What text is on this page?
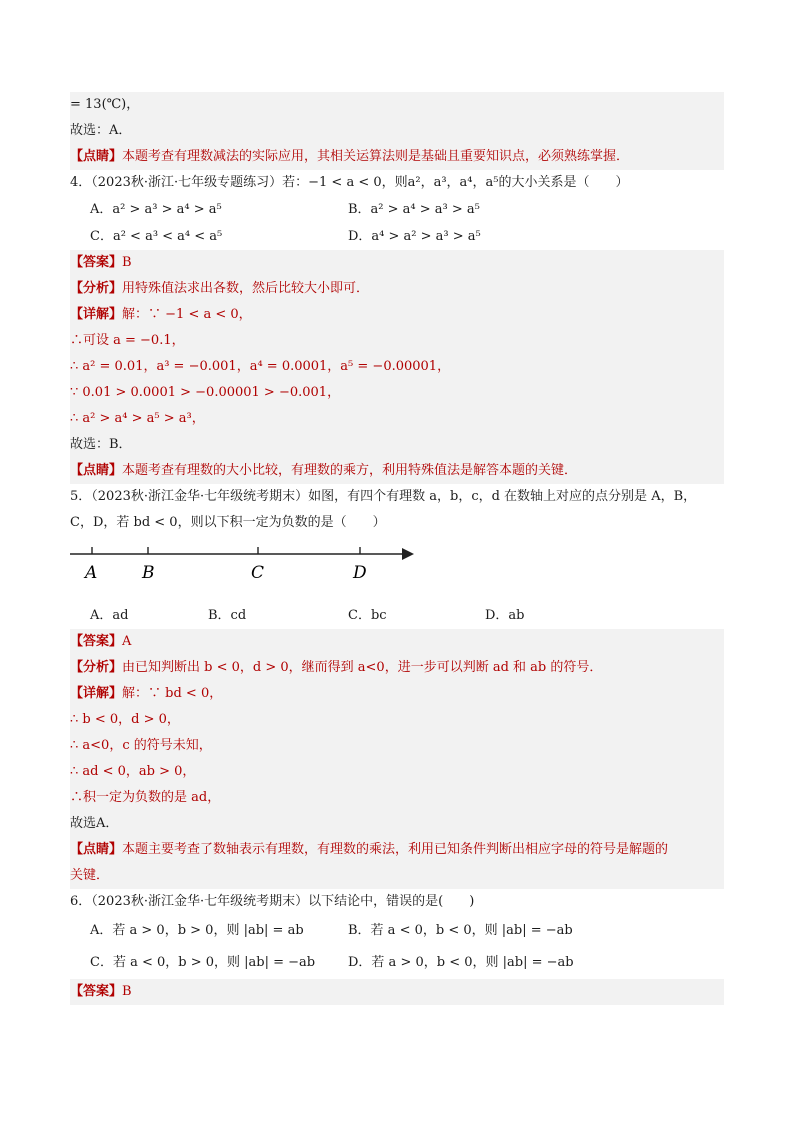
= 13(℃)，
故选：A．
【点睛】本题考查有理数减法的实际应用，其相关运算法则是基础且重要知识点，必须熟练掌握．
4．（2023秋·浙江·七年级专题练习）若：−1 < a < 0，则a²，a³，a⁴，a⁵的大小关系是（　　）
A．a² > a³ > a⁴ > a⁵	B．a² > a⁴ > a³ > a⁵
C．a² < a³ < a⁴ < a⁵	D．a⁴ > a² > a³ > a⁵
【答案】B
【分析】用特殊值法求出各数，然后比较大小即可．
【详解】解：∵ −1 < a < 0，
∴可设 a = −0.1，
∴ a² = 0.01，a³ = −0.001，a⁴ = 0.0001，a⁵ = −0.00001，
∵ 0.01 > 0.0001 > −0.00001 > −0.001，
∴ a² > a⁴ > a⁵ > a³，
故选：B．
【点睛】本题考查有理数的大小比较，有理数的乘方，利用特殊值法是解答本题的关键．
5．（2023秋·浙江金华·七年级统考期末）如图，有四个有理数 a，b，c，d 在数轴上对应的点分别是 A，B，
C，D，若 bd < 0，则以下积一定为负数的是（　　）
A	B	C	D
A．ad	B．cd	C．bc	D．ab
【答案】A
【分析】由已知判断出 b < 0，d > 0，继而得到 a<0，进一步可以判断 ad 和 ab 的符号．
【详解】解：∵ bd < 0，
∴ b < 0，d > 0，
∴ a<0，c 的符号未知，
∴ ad < 0，ab > 0，
∴积一定为负数的是 ad，
故选A．
【点睛】本题主要考查了数轴表示有理数，有理数的乘法，利用已知条件判断出相应字母的符号是解题的
关键．
6．（2023秋·浙江金华·七年级统考期末）以下结论中，错误的是(　　)
A．若 a > 0，b > 0，则 |ab| = ab	B．若 a < 0，b < 0，则 |ab| = −ab
C．若 a < 0，b > 0，则 |ab| = −ab	D．若 a > 0，b < 0，则 |ab| = −ab
【答案】B
